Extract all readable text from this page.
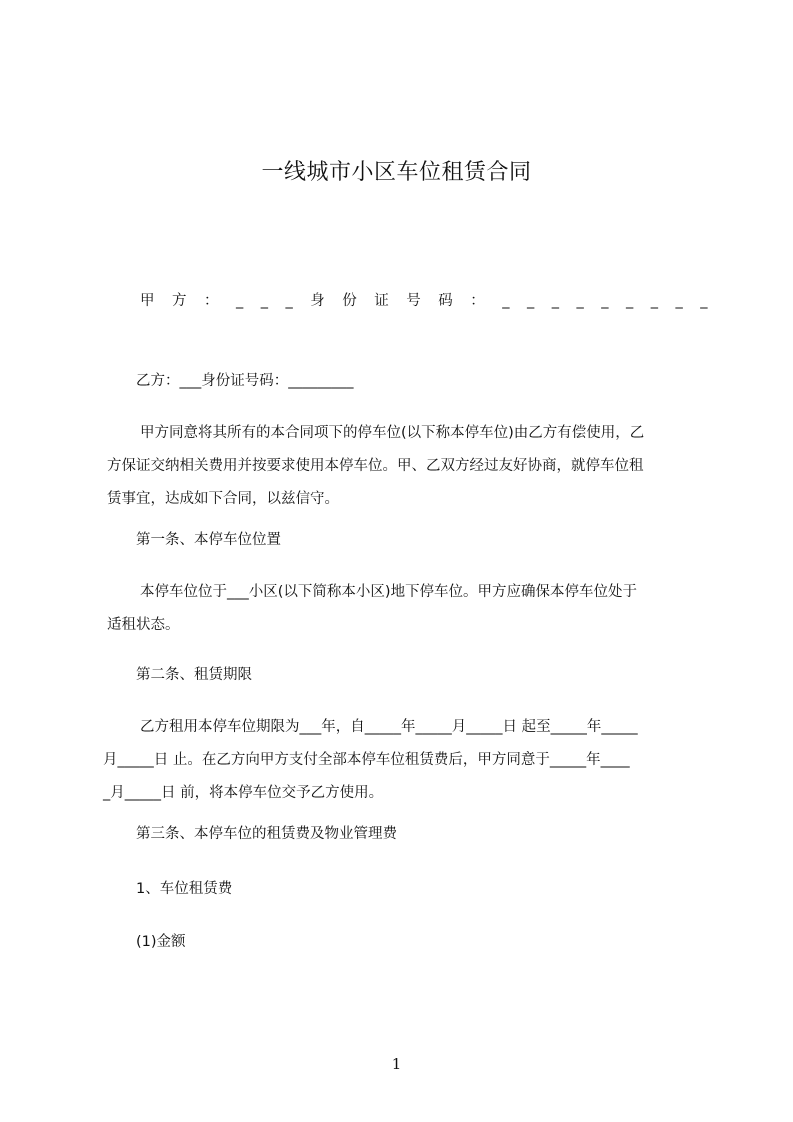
一线城市小区车位租赁合同
甲方：___身份证号码：_________
乙方：___身份证号码：_________
甲方同意将其所有的本合同项下的停车位(以下称本停车位)由乙方有偿使用，乙
方保证交纳相关费用并按要求使用本停车位。甲、乙双方经过友好协商，就停车位租
赁事宜，达成如下合同，以兹信守。
第一条、本停车位位置
本停车位位于___小区(以下简称本小区)地下停车位。甲方应确保本停车位处于
适租状态。
第二条、租赁期限
乙方租用本停车位期限为___年，自_____年_____月_____日 起至_____年_____
月_____日 止。在乙方向甲方支付全部本停车位租赁费后，甲方同意于_____年____
_月_____日 前，将本停车位交予乙方使用。
第三条、本停车位的租赁费及物业管理费
1、车位租赁费
(1)金额
1
